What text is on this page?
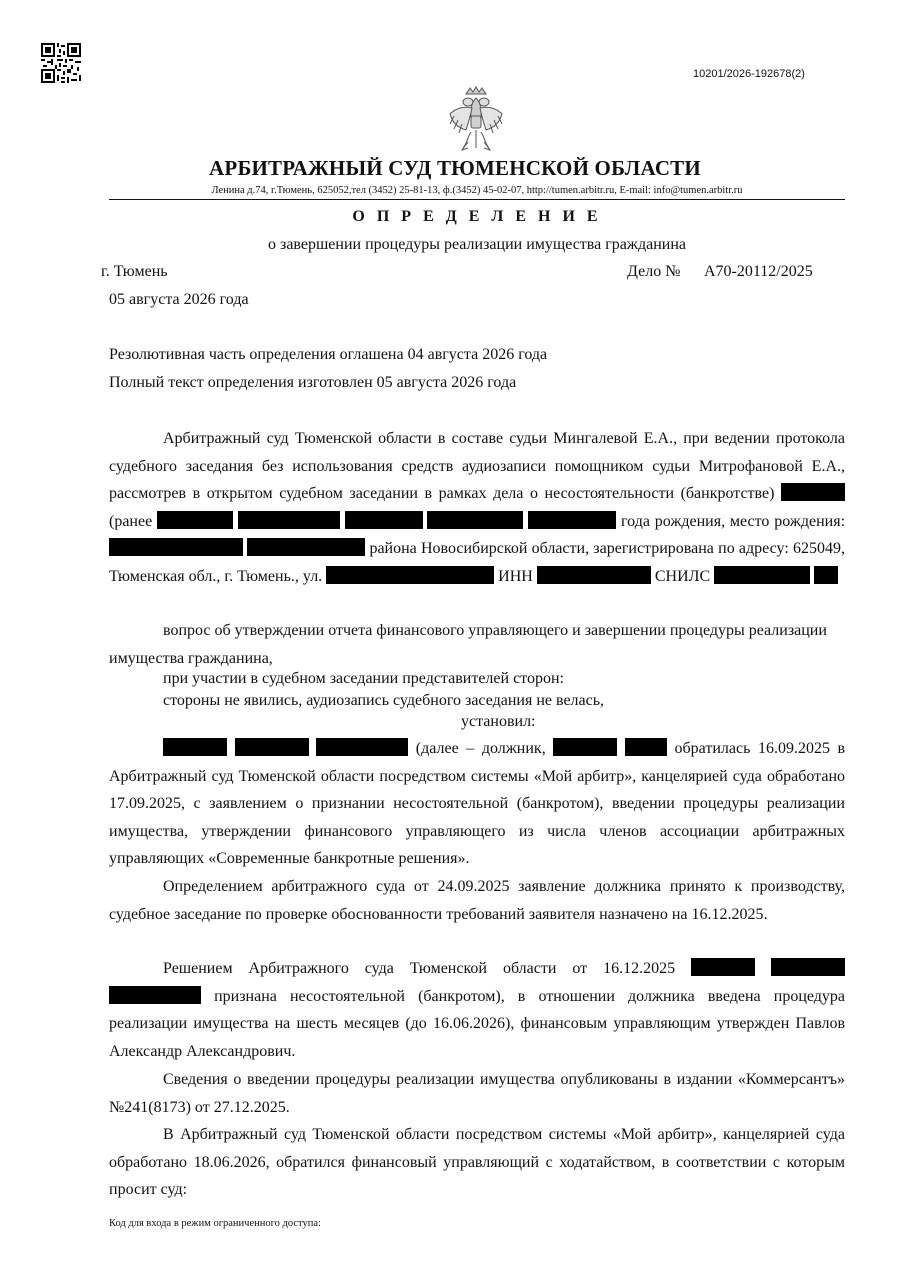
10201/2026-192678(2)
АРБИТРАЖНЫЙ СУД ТЮМЕНСКОЙ ОБЛАСТИ
Ленина д.74, г.Тюмень, 625052,тел (3452) 25-81-13, ф.(3452) 45-02-07, http://tumen.arbitr.ru, E-mail: info@tumen.arbitr.ru
О П Р Е Д Е Л Е Н И Е
о завершении процедуры реализации имущества гражданина
г. Тюмень	Дело № А70-20112/2025
05 августа 2026 года
Резолютивная часть определения оглашена 04 августа 2026 года
Полный текст определения изготовлен 05 августа 2026 года
Арбитражный суд Тюменской области в составе судьи Мингалевой Е.А., при ведении протокола судебного заседания без использования средств аудиозаписи помощником судьи Митрофановой Е.А., рассмотрев в открытом судебном заседании в рамках дела о несостоятельности (банкротстве)  (ранее	года рождения, место рождения:   района Новосибирской области, зарегистрирована по адресу: 625049, Тюменская обл., г. Тюмень., ул.	ИНН	СНИЛС
вопрос об утверждении отчета финансового управляющего и завершении процедуры реализации имущества гражданина,
при участии в судебном заседании представителей сторон:
стороны не явились, аудиозапись судебного заседания не велась,
установил:
(далее – должник,	обратилась 16.09.2025 в Арбитражный суд Тюменской области посредством системы «Мой арбитр», канцелярией суда обработано 17.09.2025, с заявлением о признании несостоятельной (банкротом), введении процедуры реализации имущества, утверждении финансового управляющего из числа членов ассоциации арбитражных управляющих «Современные банкротные решения».
Определением арбитражного суда от 24.09.2025 заявление должника принято к производству, судебное заседание по проверке обоснованности требований заявителя назначено на 16.12.2025.
Решением Арбитражного суда Тюменской области от 16.12.2025    признана несостоятельной (банкротом), в отношении должника введена процедура реализации имущества на шесть месяцев (до 16.06.2026), финансовым управляющим утвержден Павлов Александр Александрович.
Сведения о введении процедуры реализации имущества опубликованы в издании «Коммерсантъ» №241(8173) от 27.12.2025.
В Арбитражный суд Тюменской области посредством системы «Мой арбитр», канцелярией суда обработано 18.06.2026, обратился финансовый управляющий с ходатайством, в соответствии с которым просит суд:
Код для входа в режим ограниченного доступа:
